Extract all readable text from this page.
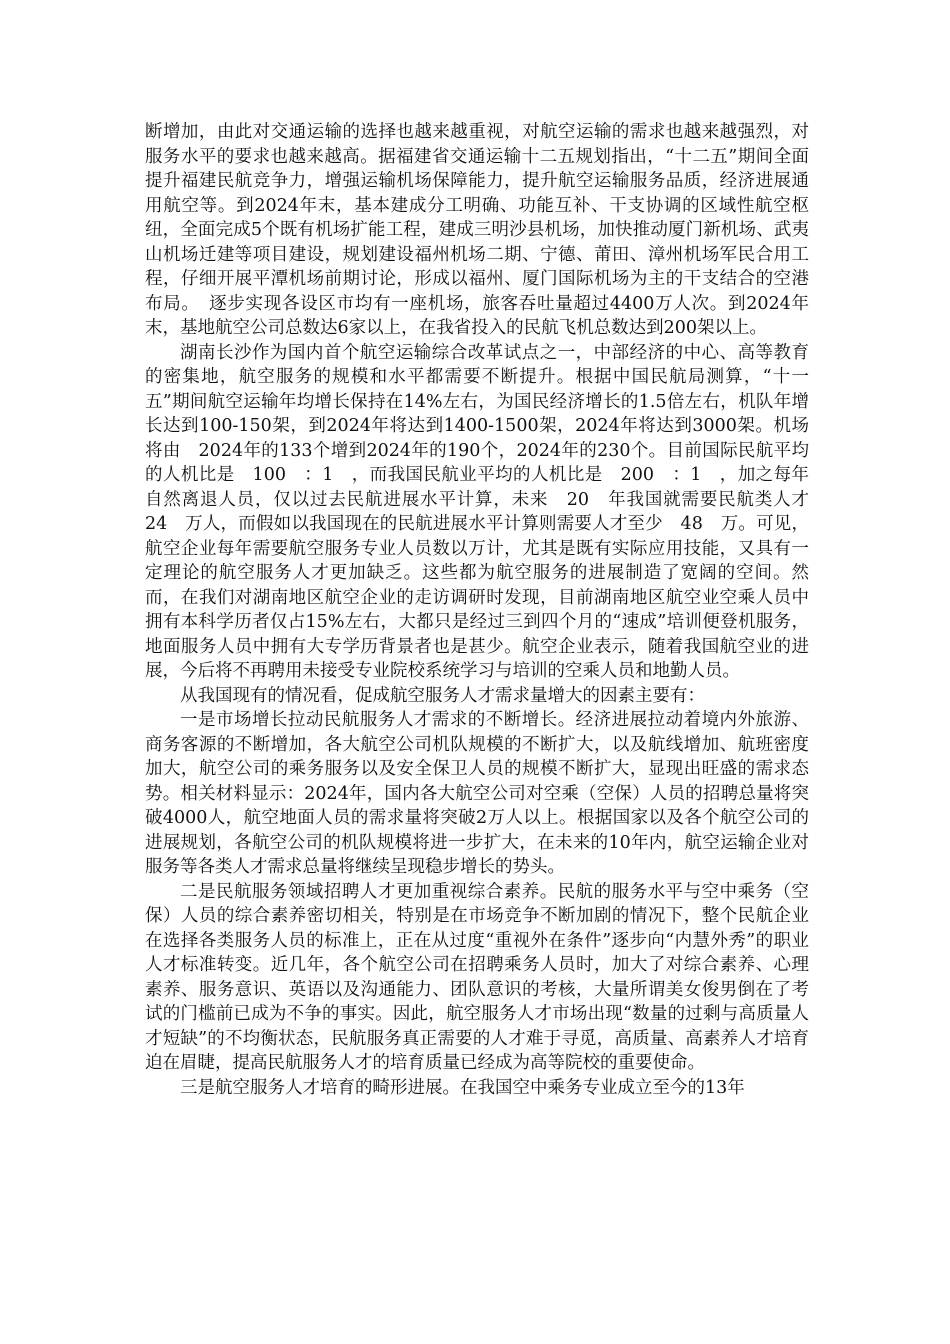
断增加，由此对交通运输的选择也越来越重视，对航空运输的需求也越来越强烈，对服务水平的要求也越来越高。据福建省交通运输十二五规划指出，“十二五”期间全面提升福建民航竞争力，增强运输机场保障能力，提升航空运输服务品质，经济进展通用航空等。到2024年末，基本建成分工明确、功能互补、干支协调的区域性航空枢纽，全面完成5个既有机场扩能工程，建成三明沙县机场，加快推动厦门新机场、武夷山机场迁建等项目建设，规划建设福州机场二期、宁德、莆田、漳州机场军民合用工程，仔细开展平潭机场前期讨论，形成以福州、厦门国际机场为主的干支结合的空港布局。　逐步实现各设区市均有一座机场，旅客吞吐量超过4400万人次。到2024年末，基地航空公司总数达6家以上，在我省投入的民航飞机总数达到200架以上。

湖南长沙作为国内首个航空运输综合改革试点之一，中部经济的中心、高等教育的密集地，航空服务的规模和水平都需要不断提升。根据中国民航局测算，“十一五”期间航空运输年均增长保持在14%左右，为国民经济增长的1.5倍左右，机队年增长达到100-150架，到2024年将达到1400-1500架，2024年将达到3000架。机场将由　2024年的133个增到2024年的190个，2024年的230个。目前国际民航平均的人机比是　100　：1　，而我国民航业平均的人机比是　200　：1　，加之每年自然离退人员，仅以过去民航进展水平计算，未来　20　年我国就需要民航类人才　24　万人，而假如以我国现在的民航进展水平计算则需要人才至少　48　万。可见，航空企业每年需要航空服务专业人员数以万计，尤其是既有实际应用技能，又具有一定理论的航空服务人才更加缺乏。这些都为航空服务的进展制造了宽阔的空间。然而，在我们对湖南地区航空企业的走访调研时发现，目前湖南地区航空业空乘人员中拥有本科学历者仅占15%左右，大都只是经过三到四个月的“速成”培训便登机服务，地面服务人员中拥有大专学历背景者也是甚少。航空企业表示，随着我国航空业的进展，今后将不再聘用未接受专业院校系统学习与培训的空乘人员和地勤人员。

从我国现有的情况看，促成航空服务人才需求量增大的因素主要有：

一是市场增长拉动民航服务人才需求的不断增长。经济进展拉动着境内外旅游、商务客源的不断增加，各大航空公司机队规模的不断扩大，以及航线增加、航班密度加大，航空公司的乘务服务以及安全保卫人员的规模不断扩大，显现出旺盛的需求态势。相关材料显示：2024年，国内各大航空公司对空乘（空保）人员的招聘总量将突破4000人，航空地面人员的需求量将突破2万人以上。根据国家以及各个航空公司的进展规划，各航空公司的机队规模将进一步扩大，在未来的10年内，航空运输企业对服务等各类人才需求总量将继续呈现稳步增长的势头。

二是民航服务领域招聘人才更加重视综合素养。民航的服务水平与空中乘务（空保）人员的综合素养密切相关，特别是在市场竞争不断加剧的情况下，整个民航企业在选择各类服务人员的标准上，正在从过度“重视外在条件”逐步向“内慧外秀”的职业人才标准转变。近几年，各个航空公司在招聘乘务人员时，加大了对综合素养、心理素养、服务意识、英语以及沟通能力、团队意识的考核，大量所谓美女俊男倒在了考试的门槛前已成为不争的事实。因此，航空服务人才市场出现“数量的过剩与高质量人才短缺”的不均衡状态，民航服务真正需要的人才难于寻觅，高质量、高素养人才培育迫在眉睫，提高民航服务人才的培育质量已经成为高等院校的重要使命。

三是航空服务人才培育的畸形进展。在我国空中乘务专业成立至今的13年
